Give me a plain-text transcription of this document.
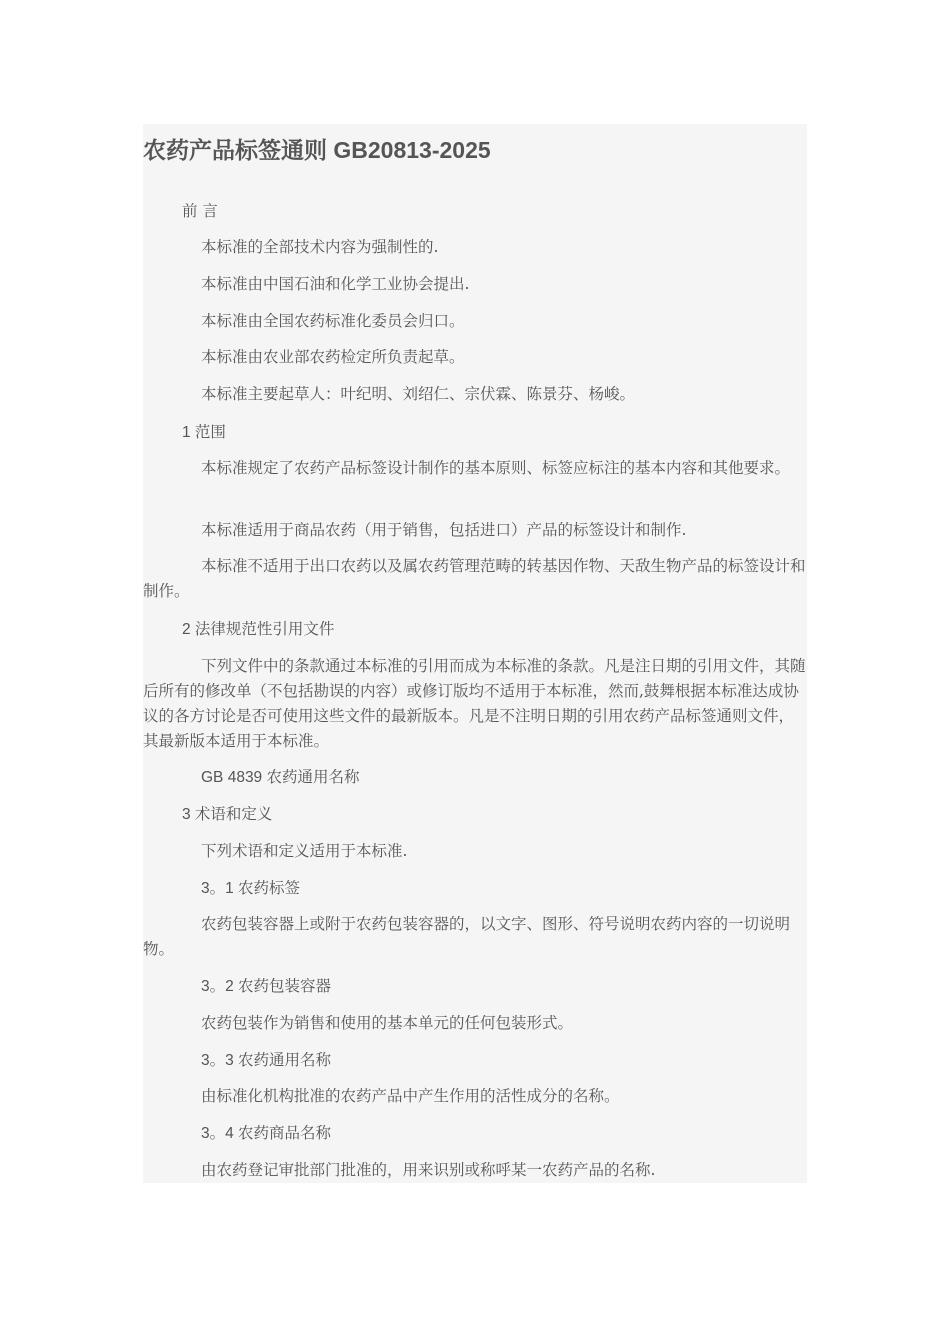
农药产品标签通则 GB20813-2025

前 言

本标准的全部技术内容为强制性的.

本标准由中国石油和化学工业协会提出.

本标准由全国农药标准化委员会归口。

本标准由农业部农药检定所负责起草。

本标准主要起草人：叶纪明、刘绍仁、宗伏霖、陈景芬、杨峻。

1 范围

本标准规定了农药产品标签设计制作的基本原则、标签应标注的基本内容和其他要求。

本标准适用于商品农药（用于销售，包括进口）产品的标签设计和制作.

本标准不适用于出口农药以及属农药管理范畴的转基因作物、天敌生物产品的标签设计和制作。

2 法律规范性引用文件

下列文件中的条款通过本标准的引用而成为本标准的条款。凡是注日期的引用文件，其随后所有的修改单（不包括勘误的内容）或修订版均不适用于本标准，然而,鼓舞根据本标准达成协议的各方讨论是否可使用这些文件的最新版本。凡是不注明日期的引用农药产品标签通则文件，其最新版本适用于本标准。

GB 4839 农药通用名称

3 术语和定义

下列术语和定义适用于本标准.

3。1 农药标签

农药包装容器上或附于农药包装容器的，以文字、图形、符号说明农药内容的一切说明物。

3。2 农药包装容器

农药包装作为销售和使用的基本单元的任何包装形式。

3。3 农药通用名称

由标准化机构批准的农药产品中产生作用的活性成分的名称。

3。4 农药商品名称

由农药登记审批部门批准的，用来识别或称呼某一农药产品的名称.
